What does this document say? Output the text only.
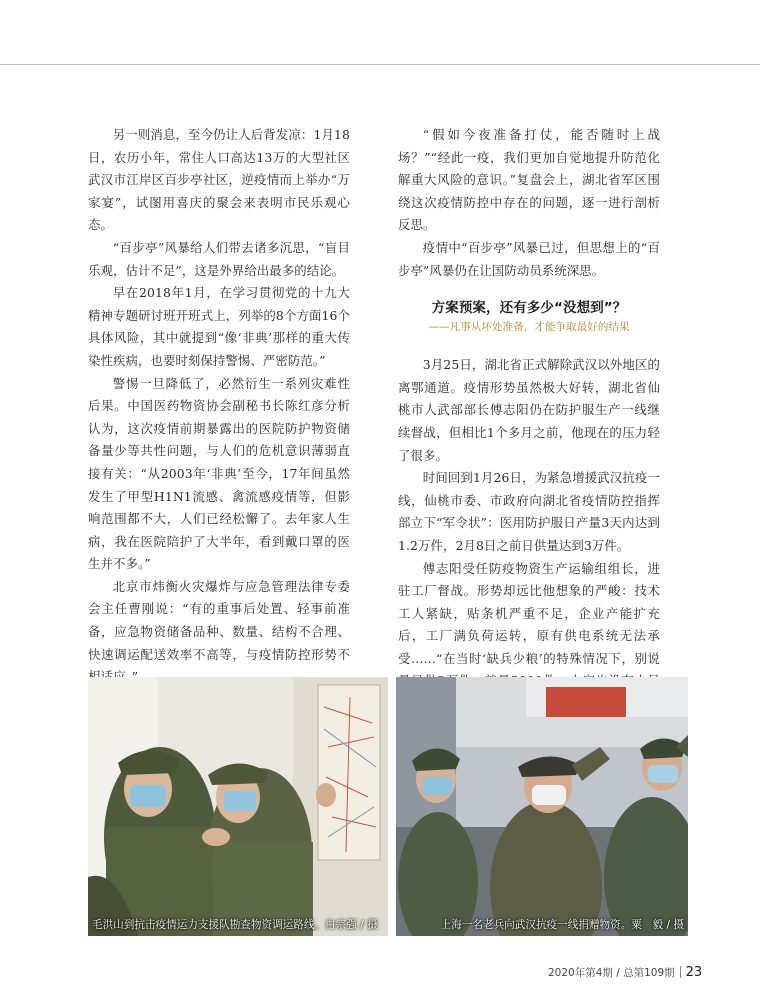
另一则消息，至今仍让人后背发凉：1月18日，农历小年，常住人口高达13万的大型社区武汉市江岸区百步亭社区，逆疫情而上举办“万家宴”，试图用喜庆的聚会来表明市民乐观心态。

“百步亭”风暴给人们带去诸多沉思，“盲目乐观，估计不足”，这是外界给出最多的结论。

早在2018年1月，在学习贯彻党的十九大精神专题研讨班开班式上，列举的8个方面16个具体风险，其中就提到“像‘非典’那样的重大传染性疾病，也要时刻保持警惕、严密防范。”

警惕一旦降低了，必然衍生一系列灾难性后果。中国医药物资协会副秘书长陈红彦分析认为，这次疫情前期暴露出的医院防护物资储备量少等共性问题，与人们的危机意识薄弱直接有关：“从2003年‘非典’至今，17年间虽然发生了甲型H1N1流感、禽流感疫情等，但影响范围都不大，人们已经松懈了。去年家人生病，我在医院陪护了大半年，看到戴口罩的医生并不多。”

北京市炜衡火灾爆炸与应急管理法律专委会主任曹刚说：“有的重事后处置、轻事前准备，应急物资储备品种、数量、结构不合理、快速调运配送效率不高等，与疫情防控形势不

“假如今夜准备打仗，能否随时上战场？”“经此一疫，我们更加自觉地提升防范化解重大风险的意识。”复盘会上，湖北省军区围绕这次疫情防控中存在的问题，逐一进行剖析反思。

疫情中“百步亭”风暴已过，但思想上的“百步亭”风暴仍在让国防动员系统深思。

方案预案，还有多少“没想到”？
——凡事从坏处准备，才能争取最好的结果

3月25日，湖北省正式解除武汉以外地区的离鄂通道。疫情形势虽然极大好转，湖北省仙桃市人武部部长傅志阳仍在防护服生产一线继续督战，但相比1个多月之前，他现在的压力轻了很多。

时间回到1月26日，为紧急增援武汉抗疫一线，仙桃市委、市政府向湖北省疫情防控指挥部立下“军令状”：医用防护服日产量3天内达到1.2万件，2月8日之前日供量达到3万件。

傅志阳受任防疫物资生产运输组组长，进驻工厂督战。形势却远比他想象的严峻：技术工人紧缺，贴条机严重不足，企业产能扩充后，工厂满负荷运转，原有供电系统无法承受……“在当时‘缺兵少粮’的特殊情况下，别说

毛洪山到抗击疫情运力支援队勘查物资调运路线。白宗强 / 摄	上海一名老兵向武汉抗疫一线捐赠物资。粟　毅 / 摄
2020年第4期 / 总第109期 23
